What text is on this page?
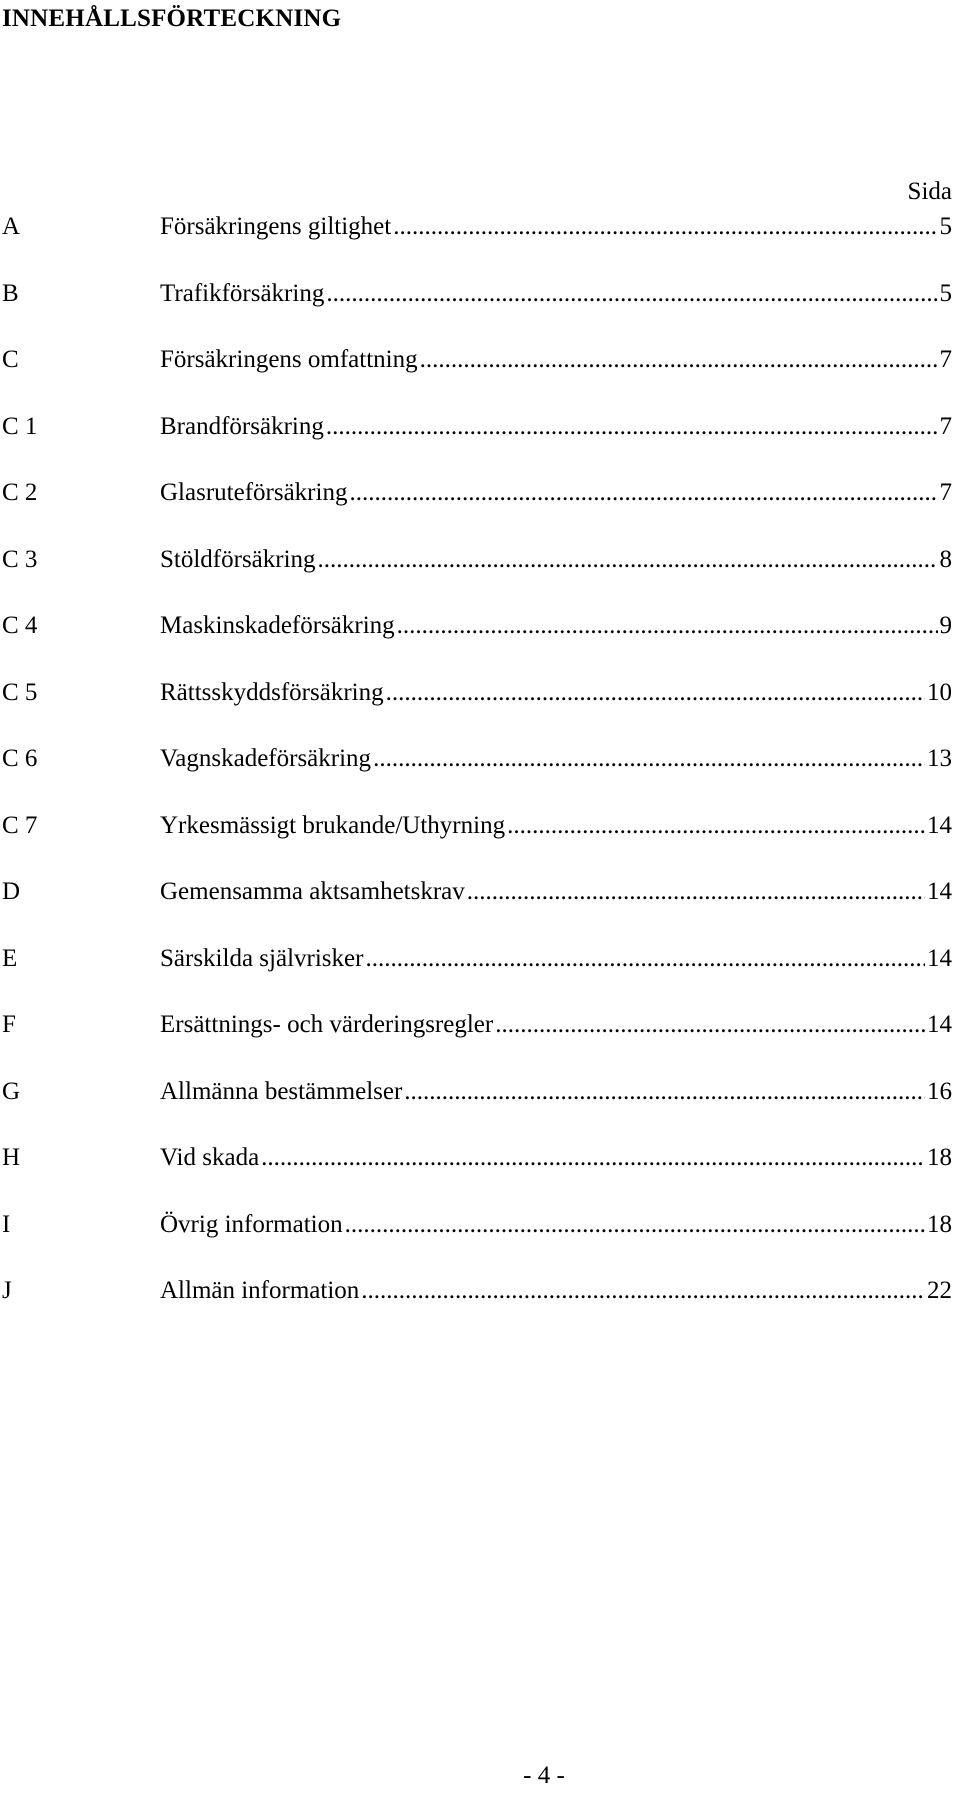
INNEHÅLLSFÖRTECKNING
Sida
A	Försäkringens giltighet .....	5
B	Trafikförsäkring .....	5
C	Försäkringens omfattning .....	7
C 1	Brandförsäkring .....	7
C 2	Glasruteförsäkring .....	7
C 3	Stöldförsäkring .....	8
C 4	Maskinskadeförsäkring .....	9
C 5	Rättsskyddsförsäkring .....	10
C 6	Vagnskadeförsäkring .....	13
C 7	Yrkesmässigt brukande/Uthyrning .....	14
D	Gemensamma aktsamhetskrav .....	14
E	Särskilda självrisker .....	14
F	Ersättnings- och värderingsregler .....	14
G	Allmänna bestämmelser .....	16
H	Vid skada .....	18
I	Övrig information .....	18
J	Allmän information .....	22
- 4 -
